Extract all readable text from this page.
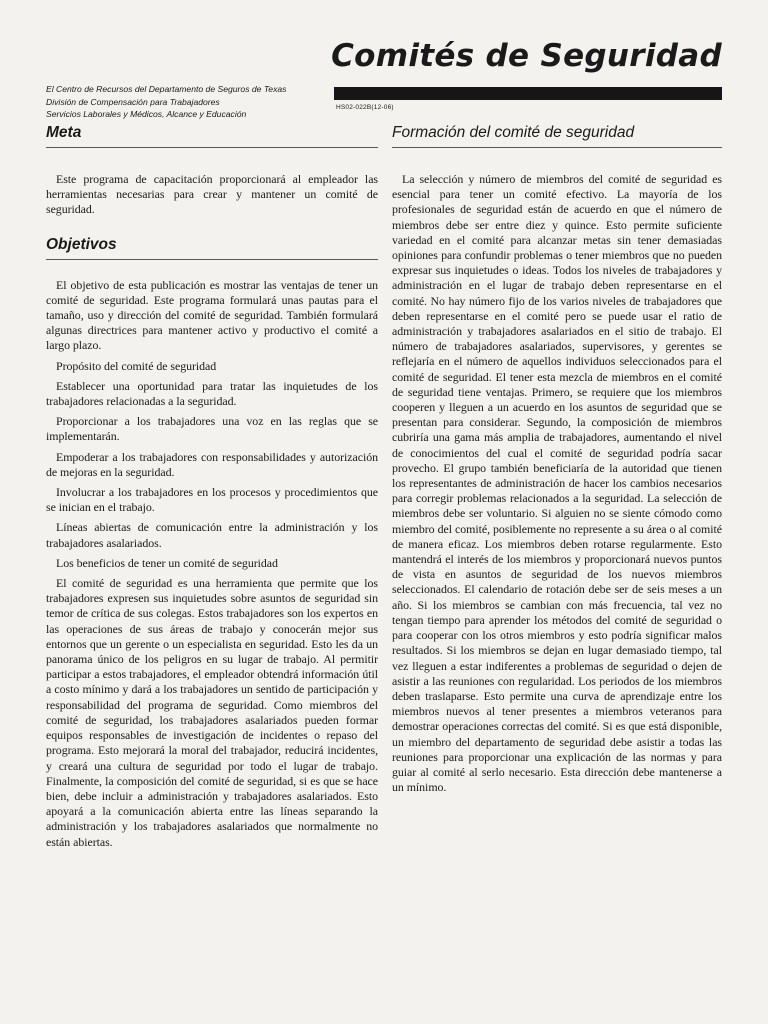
Comités de Seguridad
El Centro de Recursos del Departamento de Seguros de Texas
División de Compensación para Trabajadores
Servicios Laborales y Médicos, Alcance y Educación
HS02-022B(12-06)
Meta

Este programa de capacitación proporcionará al empleador las herramientas necesarias para crear y mantener un comité de seguridad.

Objetivos

El objetivo de esta publicación es mostrar las ventajas de tener un comité de seguridad. Este programa formulará unas pautas para el tamaño, uso y dirección del comité de seguridad. También formulará algunas directrices para mantener activo y productivo el comité a largo plazo.

Propósito del comité de seguridad

Establecer una oportunidad para tratar las inquietudes de los trabajadores relacionadas a la seguridad.

Proporcionar a los trabajadores una voz en las reglas que se implementarán.

Empoderar a los trabajadores con responsabilidades y autorización de mejoras en la seguridad.

Involucrar a los trabajadores en los procesos y procedimientos que se inician en el trabajo.

Líneas abiertas de comunicación entre la administración y los trabajadores asalariados.

Los beneficios de tener un comité de seguridad

El comité de seguridad es una herramienta que permite que los trabajadores expresen sus inquietudes sobre asuntos de seguridad sin temor de crítica de sus colegas. Estos trabajadores son los expertos en las operaciones de sus áreas de trabajo y conocerán mejor sus entornos que un gerente o un especialista en seguridad. Esto les da un panorama único de los peligros en su lugar de trabajo. Al permitir participar a estos trabajadores, el empleador obtendrá información útil a costo mínimo y dará a los trabajadores un sentido de participación y responsabilidad del programa de seguridad. Como miembros del comité de seguridad, los trabajadores asalariados pueden formar equipos responsables de investigación de incidentes o repaso del programa. Esto mejorará la moral del trabajador, reducirá incidentes, y creará una cultura de seguridad por todo el lugar de trabajo. Finalmente, la composición del comité de seguridad, si es que se hace bien, debe incluir a administración y trabajadores asalariados. Esto apoyará a la comunicación abierta entre las líneas separando la administración y los trabajadores asalariados que normalmente no están abiertas.

Formación del comité de seguridad

La selección y número de miembros del comité de seguridad es esencial para tener un comité efectivo. La mayoría de los profesionales de seguridad están de acuerdo en que el número de miembros debe ser entre diez y quince. Esto permite suficiente variedad en el comité para alcanzar metas sin tener demasiadas opiniones para confundir problemas o tener miembros que no pueden expresar sus inquietudes o ideas. Todos los niveles de trabajadores y administración en el lugar de trabajo deben representarse en el comité. No hay número fijo de los varios niveles de trabajadores que deben representarse en el comité pero se puede usar el ratio de administración y trabajadores asalariados en el sitio de trabajo. El número de trabajadores asalariados, supervisores, y gerentes se reflejaría en el número de aquellos individuos seleccionados para el comité de seguridad. El tener esta mezcla de miembros en el comité de seguridad tiene ventajas. Primero, se requiere que los miembros cooperen y lleguen a un acuerdo en los asuntos de seguridad que se presentan para considerar. Segundo, la composición de miembros cubriría una gama más amplia de trabajadores, aumentando el nivel de conocimientos del cual el comité de seguridad podría sacar provecho. El grupo también beneficiaría de la autoridad que tienen los representantes de administración de hacer los cambios necesarios para corregir problemas relacionados a la seguridad. La selección de miembros debe ser voluntario. Si alguien no se siente cómodo como miembro del comité, posiblemente no represente a su área o al comité de manera eficaz. Los miembros deben rotarse regularmente. Esto mantendrá el interés de los miembros y proporcionará nuevos puntos de vista en asuntos de seguridad de los nuevos miembros seleccionados. El calendario de rotación debe ser de seis meses a un año. Si los miembros se cambian con más frecuencia, tal vez no tengan tiempo para aprender los métodos del comité de seguridad o para cooperar con los otros miembros y esto podría significar malos resultados. Si los miembros se dejan en lugar demasiado tiempo, tal vez lleguen a estar indiferentes a problemas de seguridad o dejen de asistir a las reuniones con regularidad. Los periodos de los miembros deben traslaparse. Esto permite una curva de aprendizaje entre los miembros nuevos al tener presentes a miembros veteranos para demostrar operaciones correctas del comité. Si es que está disponible, un miembro del departamento de seguridad debe asistir a todas las reuniones para proporcionar una explicación de las normas y para guiar al comité al serlo necesario. Esta dirección debe mantenerse a un mínimo.
